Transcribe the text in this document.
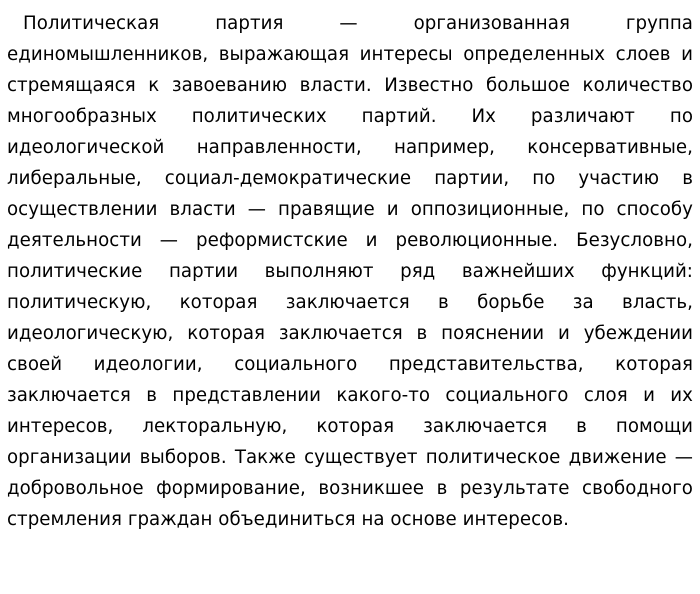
Политическая партия — организованная группа единомышленников, выражающая интересы определенных слоев и стремящаяся к завоеванию власти. Известно большое количество многообразных политических партий. Их различают по идеологической направленности, например, консервативные, либеральные, социал-демократические партии, по участию в осуществлении власти — правящие и оппозиционные, по способу деятельности — реформистские и революционные. Безусловно, политические партии выполняют ряд важнейших функций: политическую, которая заключается в борьбе за власть, идеологическую, которая заключается в пояснении и убеждении своей идеологии, социального представительства, которая заключается в представлении какого-то социального слоя и их интересов, лекторальную, которая заключается в помощи организации выборов. Также существует политическое движение — добровольное формирование, возникшее в результате свободного стремления граждан объединиться на основе интересов.
